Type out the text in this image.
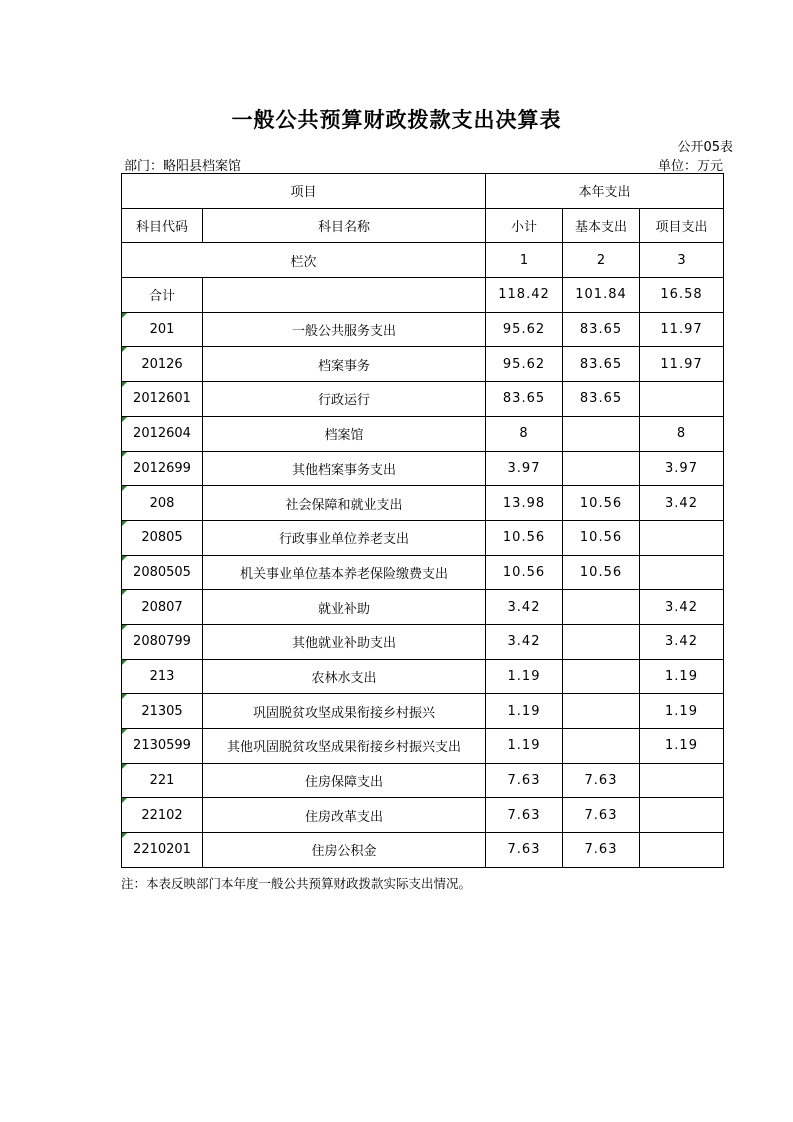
一般公共预算财政拨款支出决算表
公开05表
部门：略阳县档案馆	单位：万元
项目		本年支出		
科目代码	科目名称	小计	基本支出	项目支出
栏次		1	2	3
合计		118.42	101.84	16.58
201	一般公共服务支出	95.62	83.65	11.97
20126	档案事务	95.62	83.65	11.97
2012601	行政运行	83.65	83.65	
2012604	档案馆	8		8
2012699	其他档案事务支出	3.97		3.97
208	社会保障和就业支出	13.98	10.56	3.42
20805	行政事业单位养老支出	10.56	10.56	
2080505	机关事业单位基本养老保险缴费支出	10.56	10.56	
20807	就业补助	3.42		3.42
2080799	其他就业补助支出	3.42		3.42
213	农林水支出	1.19		1.19
21305	巩固脱贫攻坚成果衔接乡村振兴	1.19		1.19
2130599	其他巩固脱贫攻坚成果衔接乡村振兴支出	1.19		1.19
221	住房保障支出	7.63	7.63	
22102	住房改革支出	7.63	7.63	
2210201	住房公积金	7.63	7.63	
注：本表反映部门本年度一般公共预算财政拨款实际支出情况。
